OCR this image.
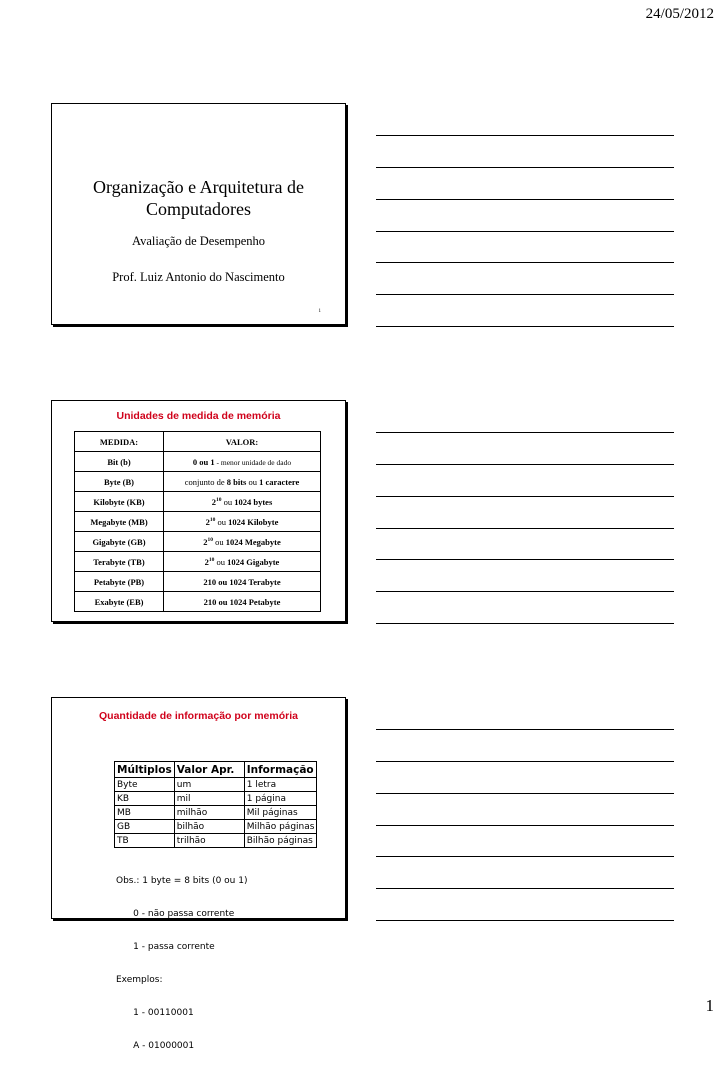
24/05/2012
Organização e Arquitetura de
Computadores
Avaliação de Desempenho
Prof. Luiz Antonio do Nascimento
1
Unidades de medida de memória
MEDIDA:	VALOR:
Bit (b)	0 ou 1 - menor unidade de dado
Byte (B)	conjunto de 8 bits ou 1 caractere
Kilobyte (KB)	$2^{10}$ ou 1024 bytes
Megabyte (MB)	$2^{10}$ ou 1024 Kilobyte
Gigabyte (GB)	$2^{10}$ ou 1024 Megabyte
Terabyte (TB)	$2^{10}$ ou 1024 Gigabyte
Petabyte (PB)	210 ou 1024 Terabyte
Exabyte (EB)	210 ou 1024 Petabyte
Quantidade de informação por memória
Múltiplos	Valor Apr.	Informação
Byte	um	1 letra
KB	mil	1 página
MB	milhão	Mil páginas
GB	bilhão	Milhão páginas
TB	trilhão	Bilhão páginas

Obs.: 1 byte = 8 bits (0 ou 1)

0 - não passa corrente

1 - passa corrente

Exemplos:

1 - 00110001

A - 01000001

1
